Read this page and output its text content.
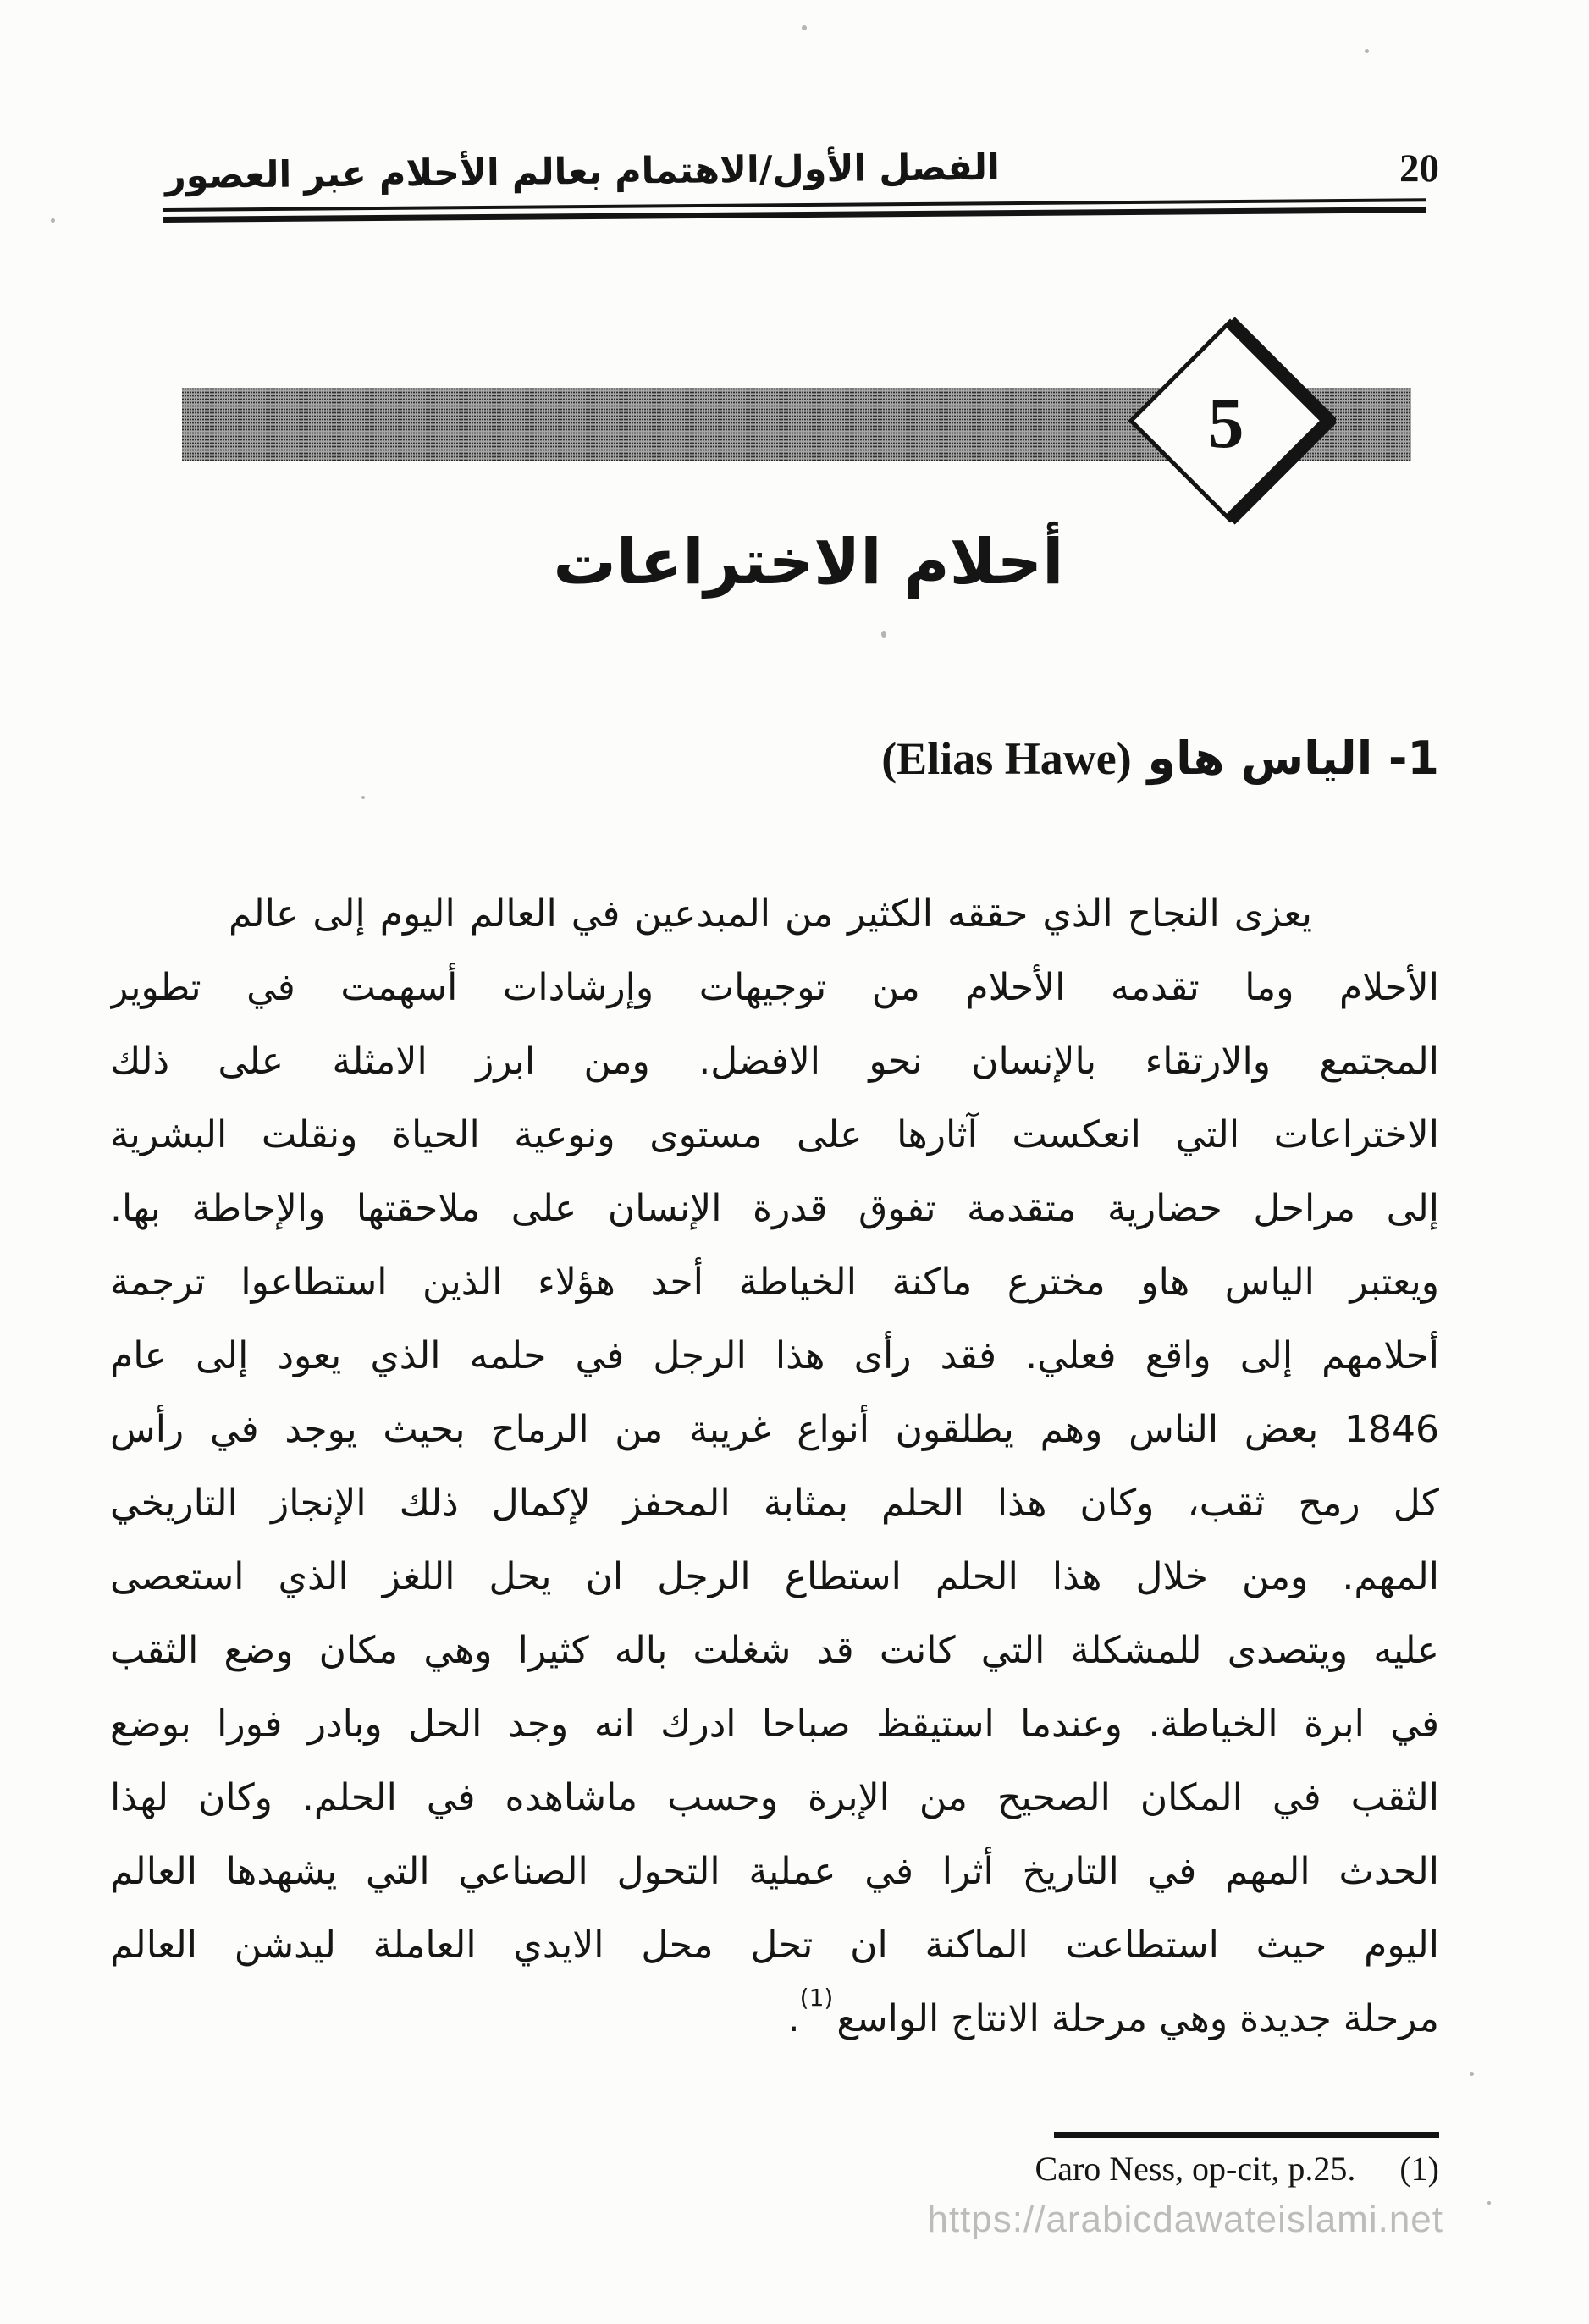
الفصل الأول/الاهتمام بعالم الأحلام عبر العصور	20
5
أحلام الاختراعات
1- الياس هاو (Elias Hawe)
يعزى النجاح الذي حققه الكثير من المبدعين في العالم اليوم إلى عالم
الأحلام وما تقدمه الأحلام من توجيهات وإرشادات أسهمت في تطوير
المجتمع والارتقاء بالإنسان نحو الافضل. ومن ابرز الامثلة على ذلك
الاختراعات التي انعكست آثارها على مستوى ونوعية الحياة ونقلت البشرية
إلى مراحل حضارية متقدمة تفوق قدرة الإنسان على ملاحقتها والإحاطة بها.
ويعتبر الياس هاو مخترع ماكنة الخياطة أحد هؤلاء الذين استطاعوا ترجمة
أحلامهم إلى واقع فعلي. فقد رأى هذا الرجل في حلمه الذي يعود إلى عام
1846 بعض الناس وهم يطلقون أنواع غريبة من الرماح بحيث يوجد في رأس
كل رمح ثقب، وكان هذا الحلم بمثابة المحفز لإكمال ذلك الإنجاز التاريخي
المهم. ومن خلال هذا الحلم استطاع الرجل ان يحل اللغز الذي استعصى
عليه ويتصدى للمشكلة التي كانت قد شغلت باله كثيرا وهي مكان وضع الثقب
في ابرة الخياطة. وعندما استيقظ صباحا ادرك انه وجد الحل وبادر فورا بوضع
الثقب في المكان الصحيح من الإبرة وحسب ماشاهده في الحلم. وكان لهذا
الحدث المهم في التاريخ أثرا في عملية التحول الصناعي التي يشهدها العالم
اليوم حيث استطاعت الماكنة ان تحل محل الايدي العاملة ليدشن العالم
مرحلة جديدة وهي مرحلة الانتاج الواسع$^{(1)}$.
(1) Caro Ness, op-cit, p.25.
https://arabicdawateislami.net
